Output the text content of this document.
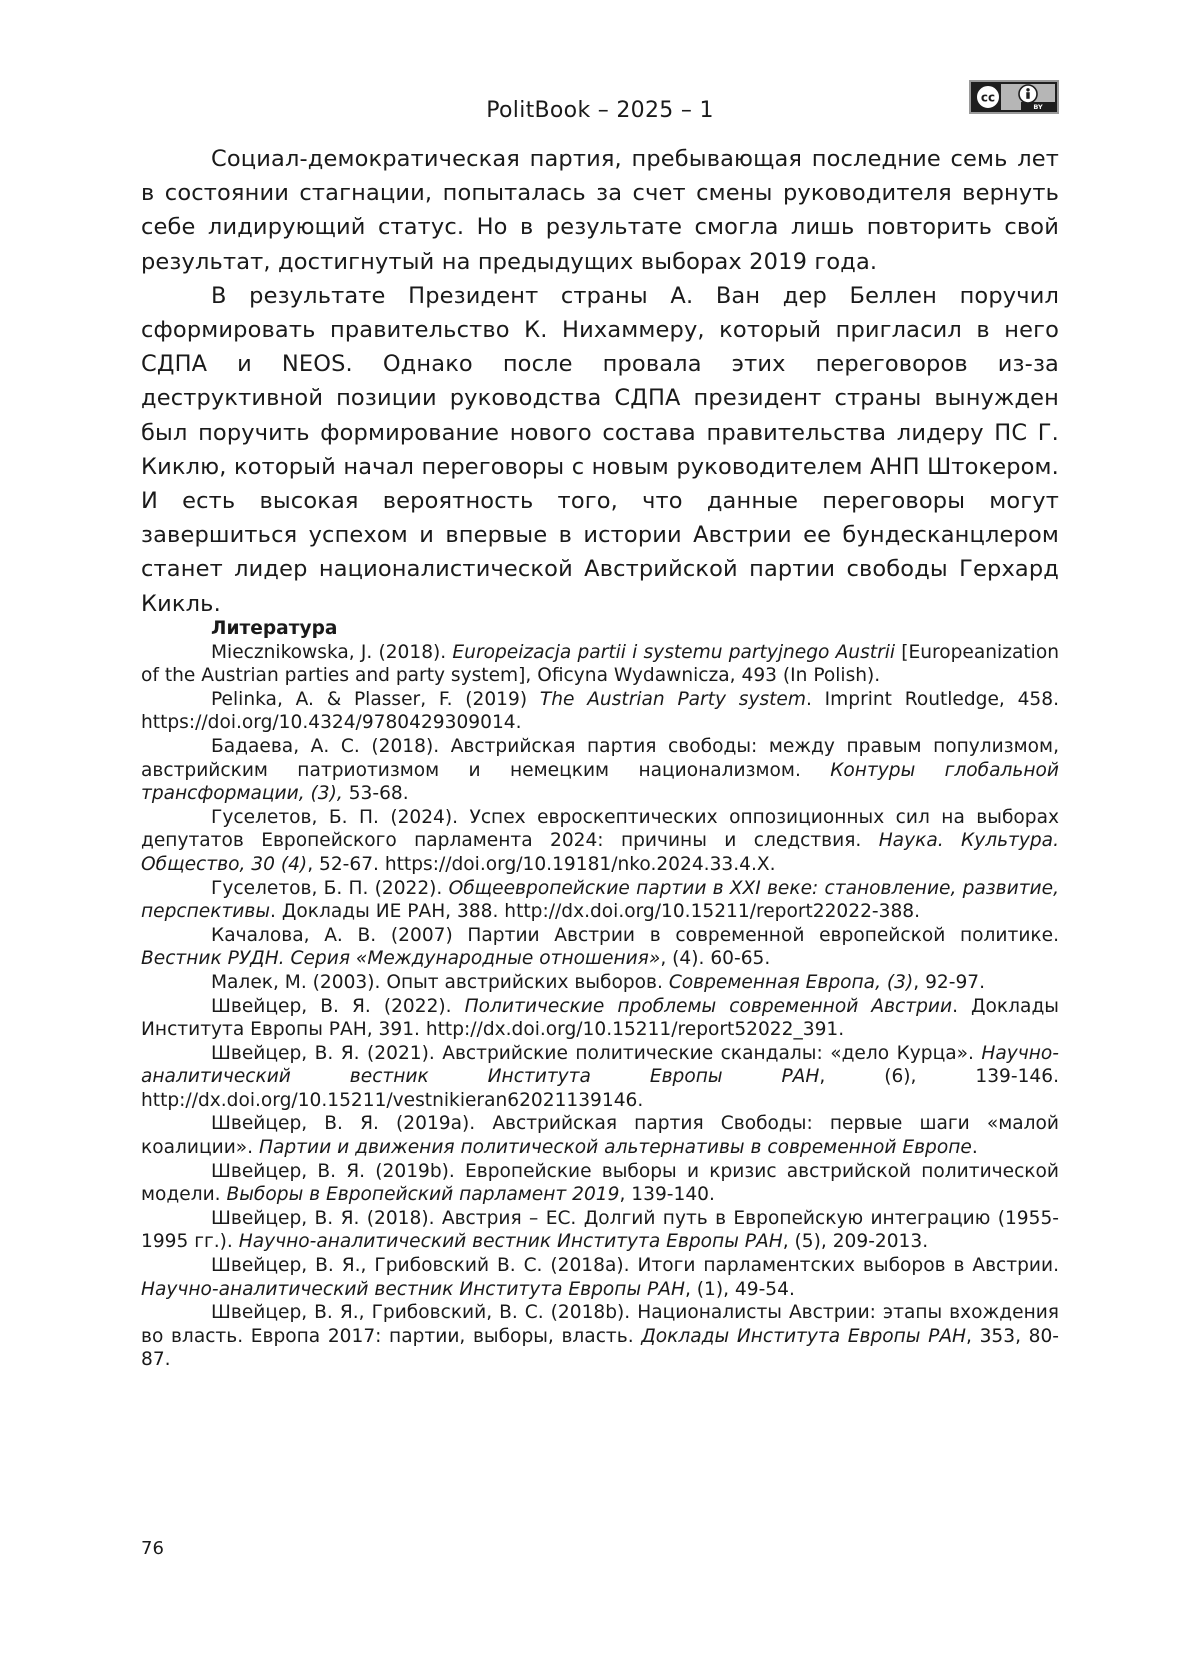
PolitBook – 2025 – 1
cc
BY

Социал-демократическая партия, пребывающая последние семь лет в состоянии стагнации, попыталась за счет смены руководителя вернуть себе лидирующий статус. Но в результате смогла лишь повторить свой результат, достигнутый на предыдущих выборах 2019 года.

В результате Президент страны А. Ван дер Беллен поручил сформировать правительство К. Нихаммеру, который пригласил в него СДПА и NEOS. Однако после провала этих переговоров из-за деструктивной позиции руководства СДПА президент страны вынужден был поручить формирование нового состава правительства лидеру ПС Г. Киклю, который начал переговоры с новым руководителем АНП Штокером. И есть высокая вероятность того, что данные переговоры могут завершиться успехом и впервые в истории Австрии ее бундесканцлером станет лидер националистической Австрийской партии свободы Герхард Кикль.

Литература

Miecznikowska, J. (2018). Europeizacja partii i systemu partyjnego Austrii [Europeanization of the Austrian parties and party system], Oficyna Wydawnicza, 493 (In Polish).

Pelinka, A. & Plasser, F. (2019) The Austrian Party system. Imprint Routledge, 458. https://doi.org/10.4324/9780429309014.

Бадаева, А. С. (2018). Австрийская партия свободы: между правым популизмом, австрийским патриотизмом и немецким национализмом. Контуры глобальной трансформации, (3), 53-68.

Гуселетов, Б. П. (2024). Успех евроскептических оппозиционных сил на выборах депутатов Европейского парламента 2024: причины и следствия. Наука. Культура. Общество, 30 (4), 52-67. https://doi.org/10.19181/nko.2024.33.4.X.

Гуселетов, Б. П. (2022). Общеевропейские партии в XXI веке: становление, развитие, перспективы. Доклады ИЕ РАН, 388. http://dx.doi.org/10.15211/report22022-388.

Качалова, А. В. (2007) Партии Австрии в современной европейской политике. Вестник РУДН. Серия «Международные отношения», (4). 60-65.

Малек, М. (2003). Опыт австрийских выборов. Современная Европа, (3), 92-97.

Швейцер, В. Я. (2022). Политические проблемы современной Австрии. Доклады Института Европы РАН, 391. http://dx.doi.org/10.15211/report52022_391.

Швейцер, В. Я. (2021). Австрийские политические скандалы: «дело Курца». Научно-аналитический вестник Института Европы РАН, (6), 139-146. http://dx.doi.org/10.15211/vestnikieran62021139146.

Швейцер, В. Я. (2019a). Австрийская партия Свободы: первые шаги «малой коалиции». Партии и движения политической альтернативы в современной Европе.

Швейцер, В. Я. (2019b). Европейские выборы и кризис австрийской политической модели. Выборы в Европейский парламент 2019, 139-140.

Швейцер, В. Я. (2018). Австрия – ЕС. Долгий путь в Европейскую интеграцию (1955-1995 гг.). Научно-аналитический вестник Института Европы РАН, (5), 209-2013.

Швейцер, В. Я., Грибовский В. С. (2018a). Итоги парламентских выборов в Австрии. Научно-аналитический вестник Института Европы РАН, (1), 49-54.

Швейцер, В. Я., Грибовский, В. С. (2018b). Националисты Австрии: этапы вхождения во власть. Европа 2017: партии, выборы, власть. Доклады Института Европы РАН, 353, 80-87.

76
